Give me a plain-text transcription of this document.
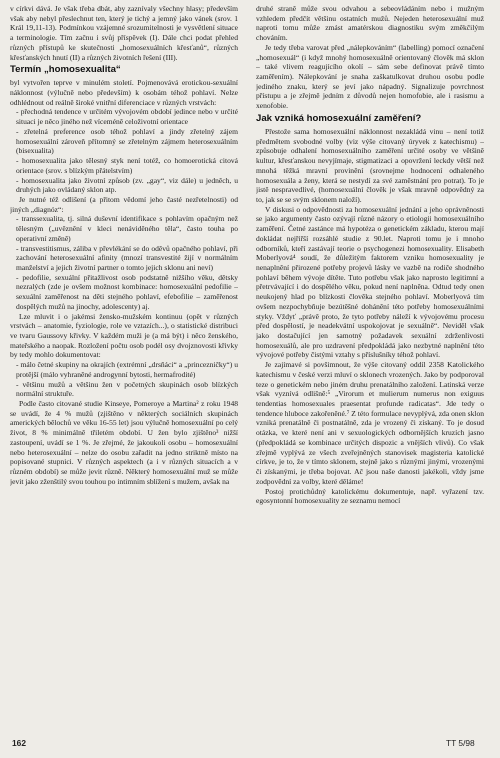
v církvi dává. Je však třeba dbát, aby zaznívaly všechny hlasy; především však aby nebyl přeslechnut ten, který je tichý a jemný jako vánek (srov. 1 Král 19,11-13). Podmínkou vzájemné srozumitelnosti je vysvětlení situace a terminologie. Tím začnu i svůj příspěvek (I). Dále chci podat přehled různých přístupů ke skutečnosti „homosexuálních křesťanů“, různých křesťanských hnutí (II) a různých životních řešení (III).

Termín „homosexualita“

byl vytvořen teprve v minulém století. Pojmenovává erotickou-sexuální náklonnost (výlučně nebo především) k osobám téhož pohlaví. Nelze odhlédnout od reálně široké vnitřní diferenciace v různých vrstvách:

- přechodná tendence v určitém vývojovém období jedince nebo v určité situaci je něco jiného než víceméně celoživotní orientace

- zřetelná preference osob téhož pohlaví a jindy zřetelný zájem homosexuální zároveň přítomný se zřetelným zájmem heterosexuálním (bisexualita)

- homosexualita jako tělesný styk není totéž, co homoerotická citová orientace (srov. s blízkým přátelstvím)

- homosexualita jako životní způsob (zv. „gay“, viz dále) u jedněch, u druhých jako ovládaný sklon atp.

Je nutné též odlišení (a přitom vědomí jeho časté nezřetelnosti) od jiných „diagnóz“:

- transsexualita, tj. silná duševní identifikace s pohlavím opačným než tělesným („uvěznění v kleci nenáviděného těla“, často touha po operativní změně)

- transvestitismus, záliba v převlékání se do oděvů opačného pohlaví, při zachování heterosexuální afinity (mnozí transvestité žijí v normálním manželství a jejich životní partner o tomto jejich sklonu ani neví)

- pedofilie, sexuální přitažlivost osob podstatně nižšího věku, dětsky nezralých (zde je ovšem možnost kombinace: homosexuální pedofilie – sexuální zaměřenost na děti stejného pohlaví, efebofilie – zaměřenost dospělých mužů na jinochy, adolescenty) aj.

Lze mluvit i o jakémsi žensko-mužském kontinuu (opět v různých vrstvách – anatomie, fyziologie, role ve vztazích...), o statistické distribuci ve tvaru Gaussovy křivky. V každém muži je (a má být) i něco ženského, mateřského a naopak. Rozložení počtu osob podél osy dvojznovosti křivky by tedy mohlo dokumentovat:

- málo četné skupiny na okrajích (extrémní „drsňáci“ a „princezničky“) u protější (málo vyhraněné androgynní bytosti, hermafrodité)

- většinu mužů a většinu žen v početných skupinách osob blízkých normální struktuře.

Podle často citované studie Kinseye, Pomeroye a Martina² z roku 1948 se uvádí, že 4 % mužů (zjištěno v některých sociálních skupinách amerických bělochů ve věku 16-55 let) jsou výlučně homosexuální po celý život, 8 % minimálně třiletém období. U žen bylo zjištěno³ nižší zastoupení, uvádí se 1 %. Je zřejmé, že jakoukoli osobu – homosexuální nebo heterosexuální – nelze do osobu zařadit na jedno striktně místo na popisované stupnici. V různých aspektech (a i v různých situacích a v různém období) se může jevit různě. Některý homosexuální muž se může jevit jako zženštilý svou touhou po intimním sblížení s mužem, avšak na

druhé straně může svou odvahou a sebeovládáním nebo i mužným vzhledem předčít většinu ostatních mužů. Nejeden heterosexuální muž naproti tomu může zmást amatérskou diagnostiku svým změkčilým chováním.

Je tedy třeba varovat před „nálepkováním“ (labelling) pomocí označení „homosexuál“ (i když mnohý homosexuálně orientovaný člověk má sklon – také vlivem reagujícího okolí – sám sebe definovat právě tímto zaměřením). Nálepkování je snaha zaškatulkovat druhou osobu podle jediného znaku, který se jeví jako nápadný. Signalizuje povrchnost přístupu a je zřejmě jedním z důvodů nejen homofobie, ale i rasismu a xenofobie.

Jak vzniká homosexuální zaměření?

Přestože sama homosexuální náklonnost nezakládá vinu – není totiž předmětem svobodné volby (viz výše citovaný úryvek z katechismu) – způsobuje odhalení homosexuálního zaměření určité osoby ve většině kultur, křesťanskou nevyjímaje, stigmatizaci a opovržení leckdy větší než mnohá těžká mravní provinění (srovnejme hodnocení odhaleného homosexuála a ženy, která se nestydí za své zaměstnání pro potrat). To je jistě nespravedlivé, (homosexuální člověk je však mravně odpovědný za to, jak se se svým sklonem naloží).

V diskusi o odpovědnosti za homosexuální jednání a jeho oprávněnosti se jako argumenty často ozývají různé názory o etiologii homosexuálního zaměření. Četné zastánce má hypotéza o genetickém základu, kterou mají dokládat nejřiřší rozsáhlé studie z 90.let. Naproti tomu je i mnoho odborníků, kteří zastávají teorie o psychogenezi homosexuality. Elisabeth Moberlyová⁴ soudí, že důležitým faktorem vzniku homosexuality je nenaplnění přirozené potřeby projevů lásky ve vazbě na rodiče shodného pohlaví během vývoje dítěte. Tuto potřebu však jako naprosto legitimní a přetrvávající i do dospělého věku, pokud není naplněna. Odtud tedy onen neukojený hlad po blízkosti člověka stejného pohlaví. Moberlyová tím ovšem nezpochybňuje bezútěšné dohánění této potřeby homosexuálními styky. Vždyť „právě proto, že tyto potřeby náleží k vývojovému procesu před dospělostí, je neadekvátní uspokojovat je sexuálně“. Neviděl však jako dostačující jen samotný požadavek sexuální zdrženlivosti homosexuálů, ale pro uzdravení předpokládá jako nezbytné naplnění této vývojové potřeby čistými vztahy s příslušníky téhož pohlaví.

Je zajímavé si povšimnout, že výše citovaný oddíl 2358 Katolického katechismu v české verzi mluví o sklonech vrozených. Jako by podporoval teze o genetickém nebo jiném druhu prenatálního založení. Latinská verze však vyznívá odlišně:⁵ „Virorum et mulierum numerus non exiguus tendentias homosexuales praesentat profunde radicatas“. Jde tedy o tendence hluboce zakořeněné.⁷ Z této formulace nevyplývá, zda onen sklon vzniká prenatálně či postnatálně, zda je vrozený či získaný. To je dosud otázka, ve které není ani v sexuologických odbornějších kruzích jasno (předpokládá se kombinace určitých dispozic a vnějších vlivů). Co však zřejmě vyplývá ze všech zveřejněných stanovisek magisteria katolické církve, je to, že v tímto sklonem, stejně jako s různými jinými, vrozenými či získanými, je třeba bojovat. Ač jsou naše danosti jakékoli, vždy jsme zodpovědní za volby, které děláme!

Postoj protichůdný katolickému dokumentuje, např. vyřazení tzv. egosyntonní homosexuality ze seznamu nemocí

162	TT 5/98
